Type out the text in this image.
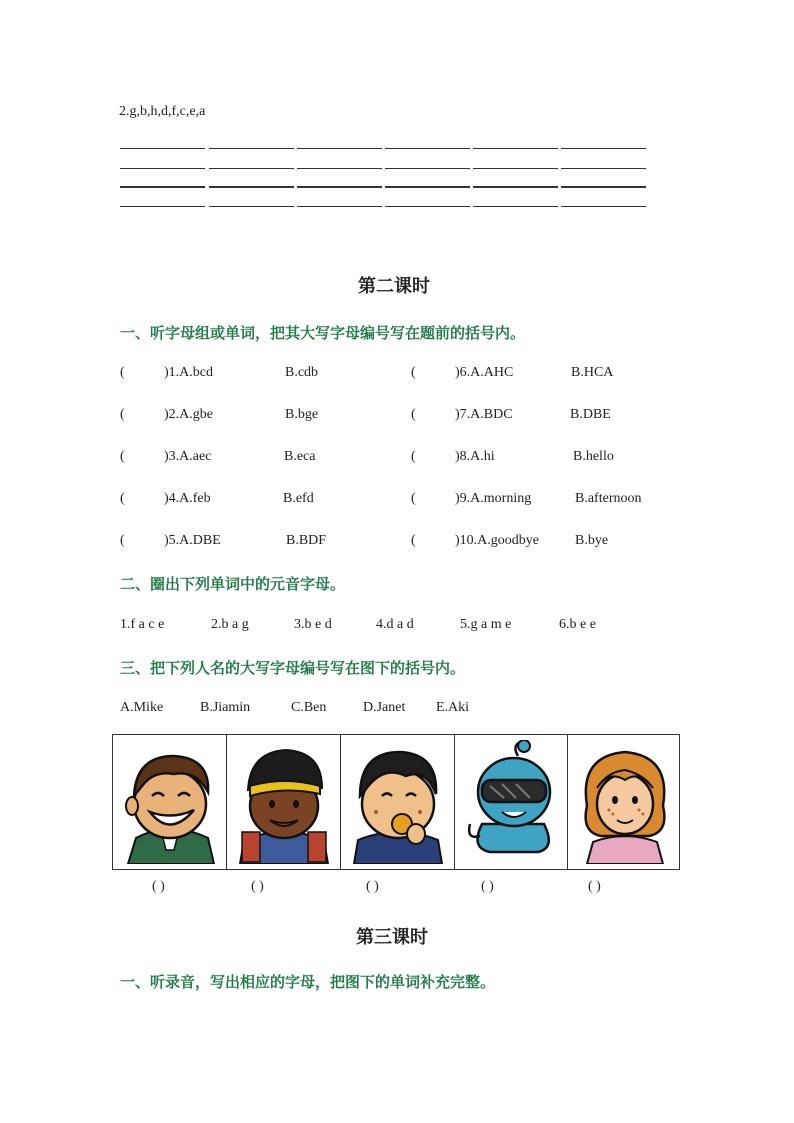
2.g,b,h,d,f,c,e,a
第二课时
一、听字母组或单词，把其大写字母编号写在题前的括号内。
(	)1.A.bcd	B.cdb
(	)2.A.gbe	B.bge
(	)3.A.aec	B.eca
(	)4.A.feb	B.efd
(	)5.A.DBE	B.BDF
(	)6.A.AHC	B.HCA
(	)7.A.BDC	B.DBE
(	)8.A.hi	B.hello
(	)9.A.morning	B.afternoon
(	)10.A.goodbye	B.bye
二、圈出下列单词中的元音字母。
1.f a c e	2.b a g	3.b e d	4.d a d	5.g a m e	6.b e e
三、把下列人名的大写字母编号写在图下的括号内。
A.Mike	B.Jiamin	C.Ben	D.Janet E.Aki
( )	( )	( )	( )	( )
第三课时
一、听录音，写出相应的字母，把图下的单词补充完整。
